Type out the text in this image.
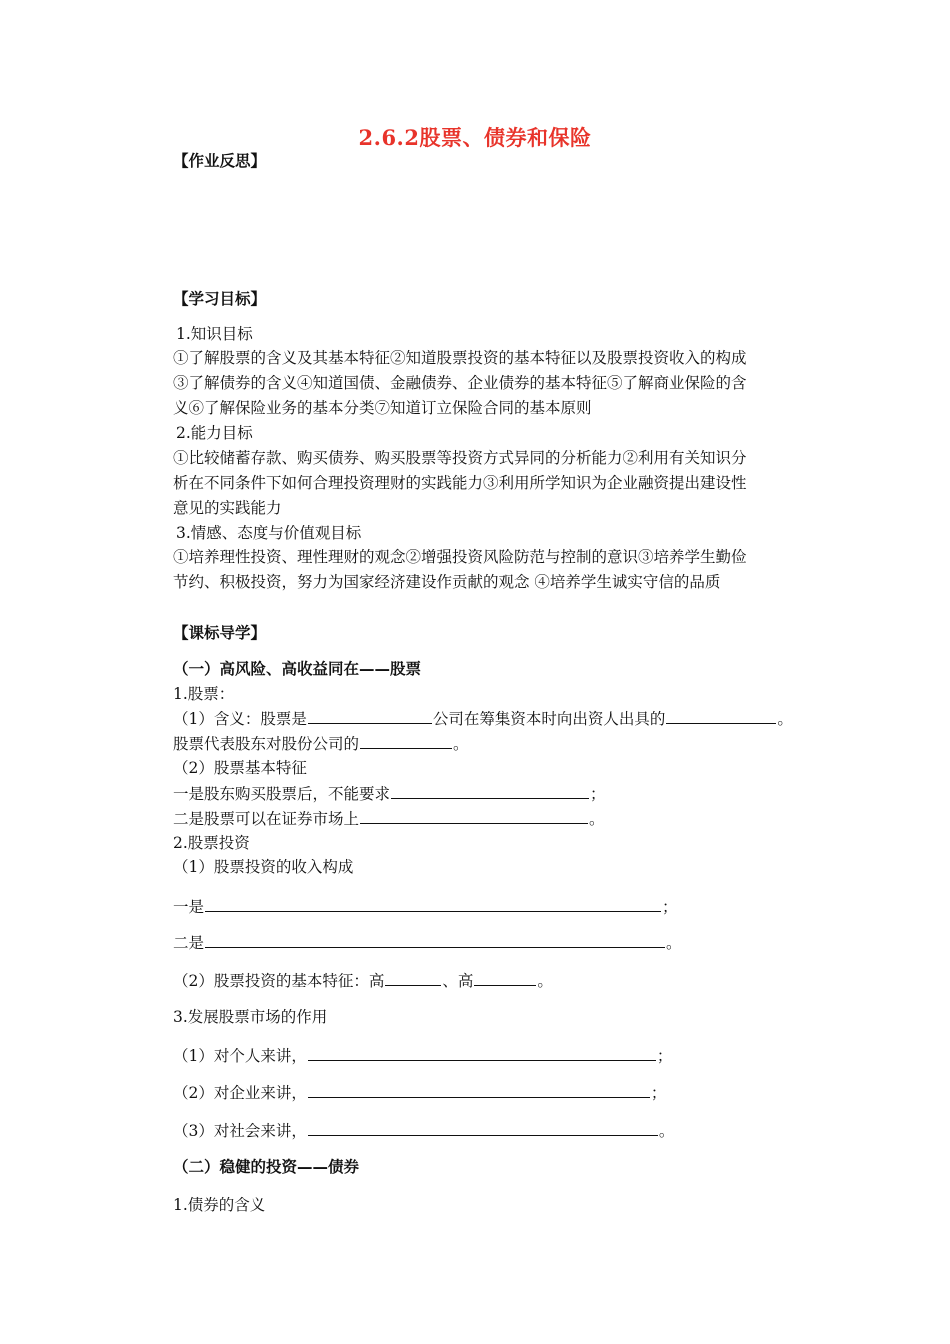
2.6.2股票、债券和保险
【作业反思】
【学习目标】
1.知识目标
①了解股票的含义及其基本特征②知道股票投资的基本特征以及股票投资收入的构成
③了解债券的含义④知道国债、金融债券、企业债券的基本特征⑤了解商业保险的含
义⑥了解保险业务的基本分类⑦知道订立保险合同的基本原则
2.能力目标
①比较储蓄存款、购买债券、购买股票等投资方式异同的分析能力②利用有关知识分
析在不同条件下如何合理投资理财的实践能力③利用所学知识为企业融资提出建设性
意见的实践能力
3.情感、态度与价值观目标
①培养理性投资、理性理财的观念②增强投资风险防范与控制的意识③培养学生勤俭
节约、积极投资，努力为国家经济建设作贡献的观念 ④培养学生诚实守信的品质
【课标导学】
（一）高风险、高收益同在——股票
1.股票：
（1）含义：股票是	公司在筹集资本时向出资人出具的	。
股票代表股东对股份公司的	。
（2）股票基本特征
一是股东购买股票后，不能要求	；
二是股票可以在证券市场上	。
2.股票投资
（1）股票投资的收入构成
一是	；
二是	。
（2）股票投资的基本特征：高	、高	。
3.发展股票市场的作用
（1）对个人来讲，	；
（2）对企业来讲，	；
（3）对社会来讲，	。
（二）稳健的投资——债券
1.债券的含义
